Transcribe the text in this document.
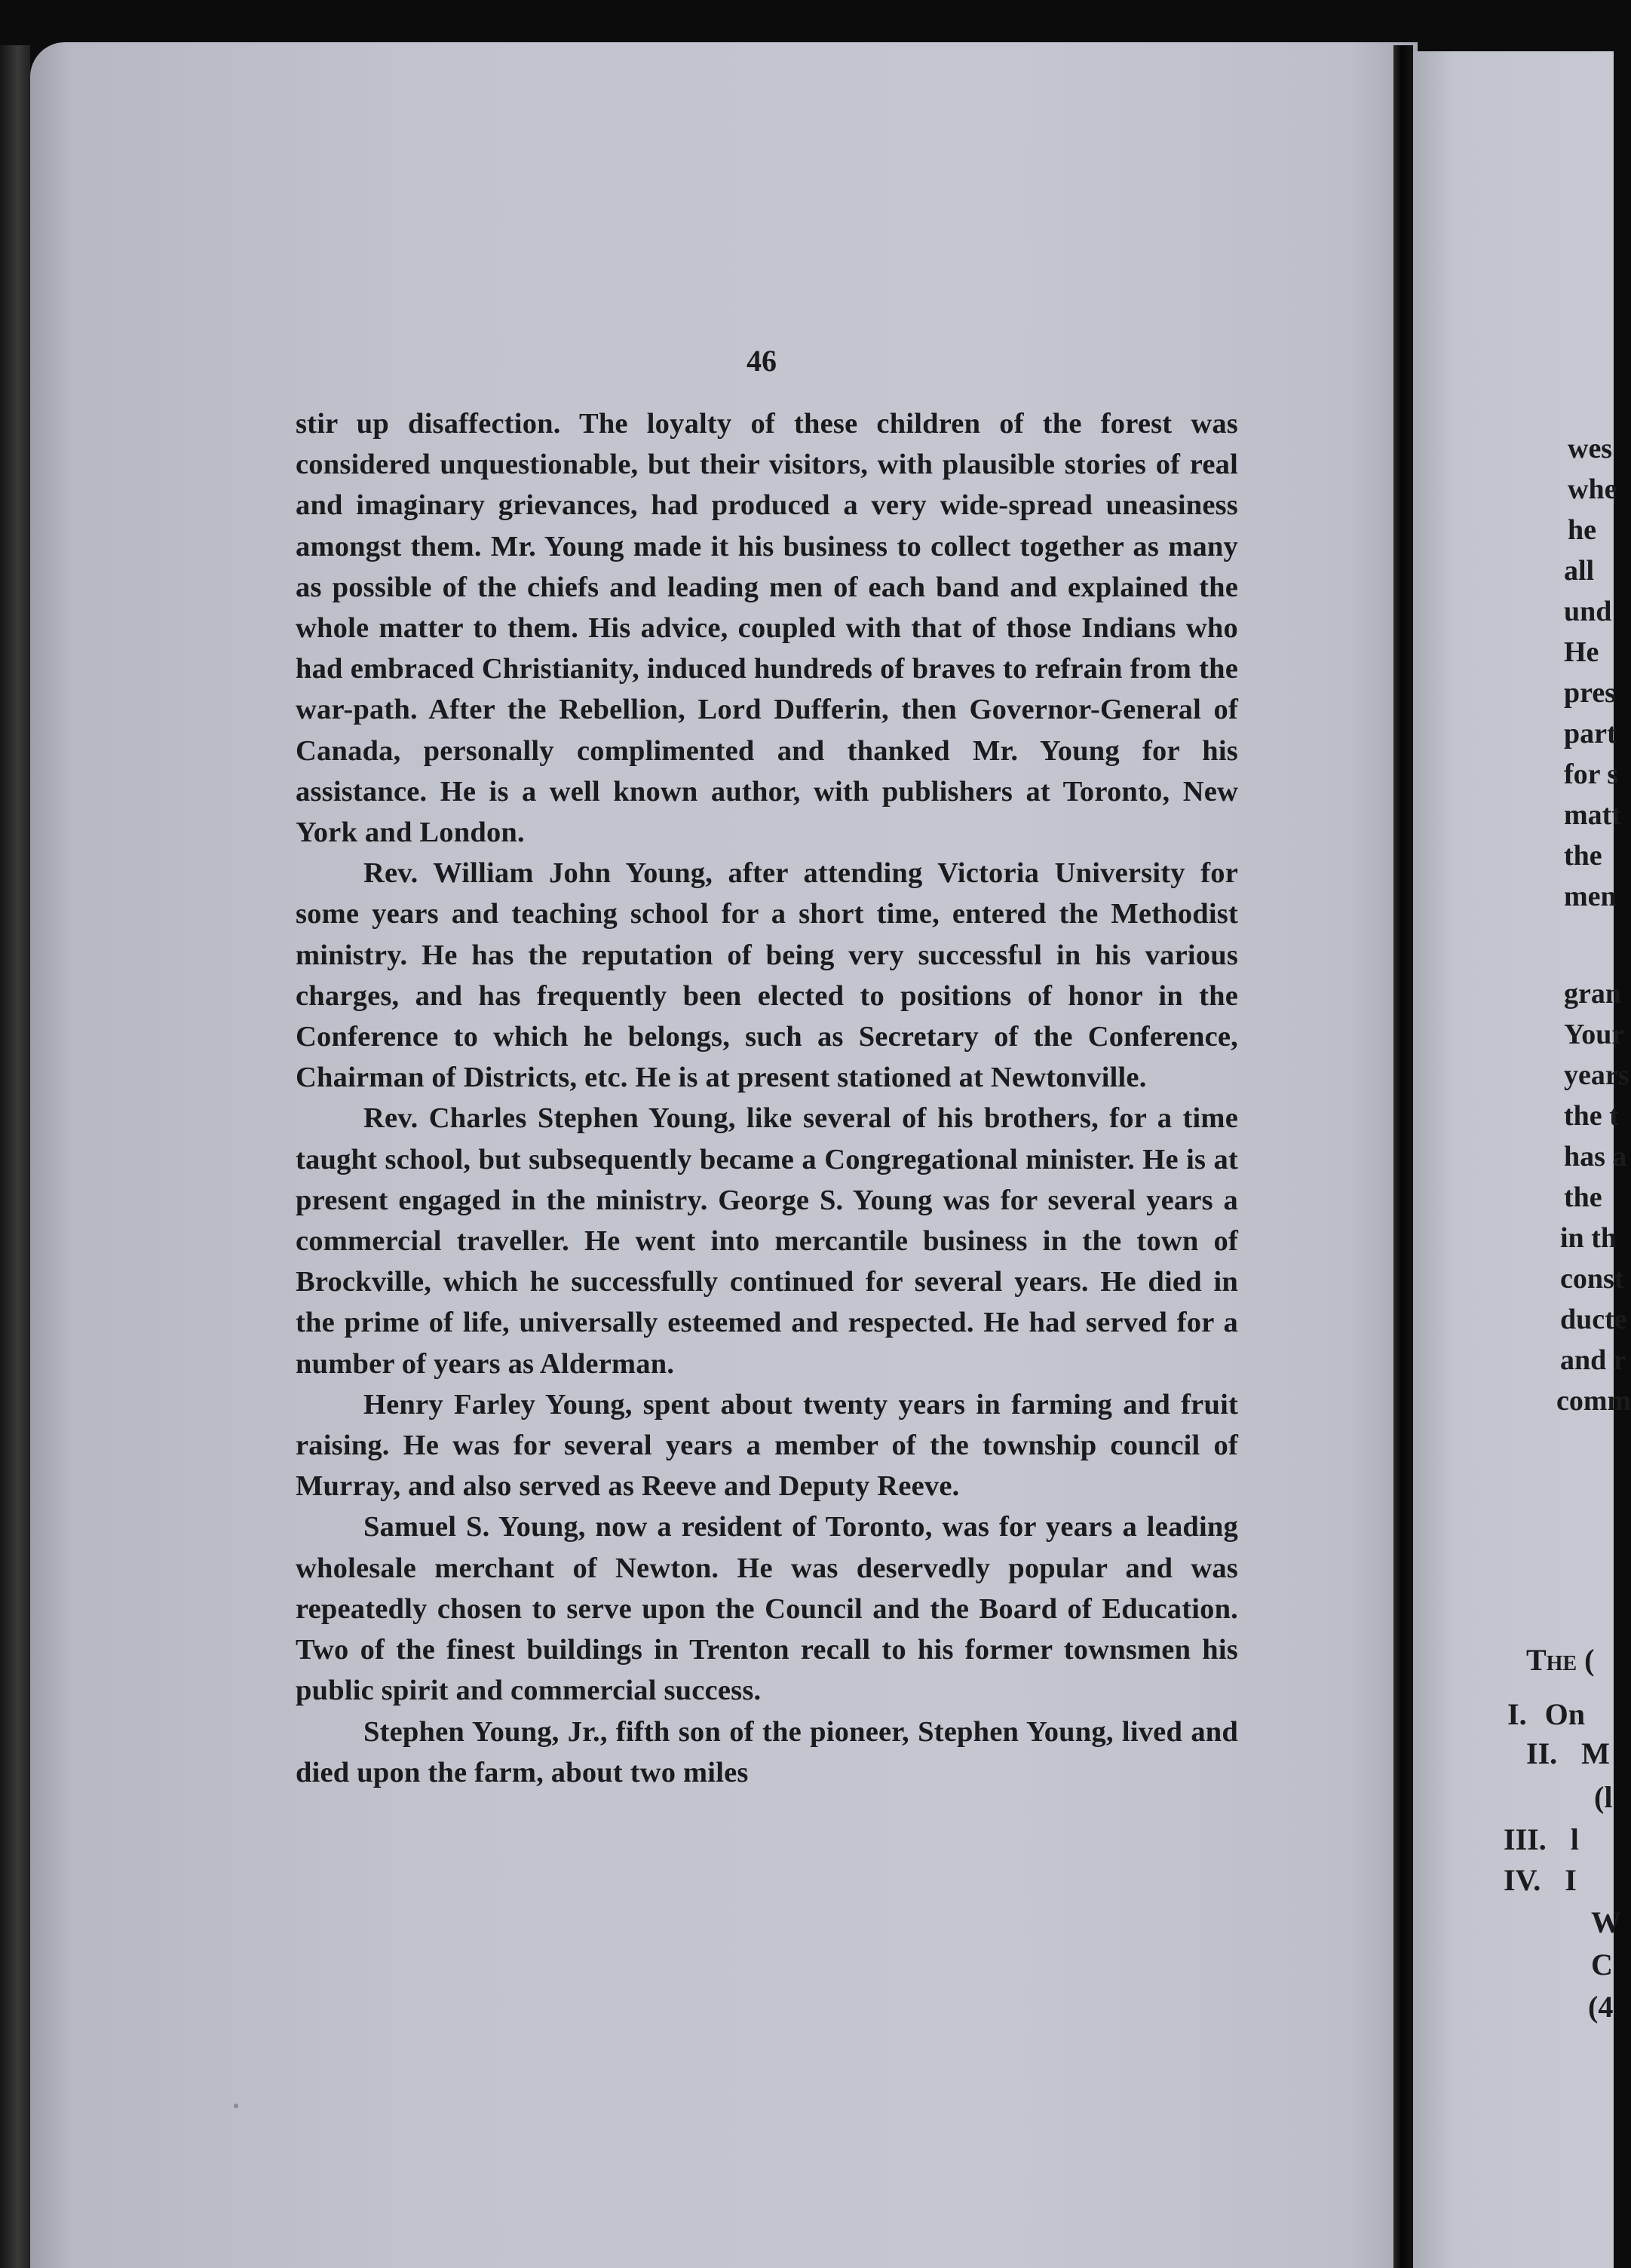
46

stir up disaffection. The loyalty of these children of the forest was considered unquestionable, but their visitors, with plausible stories of real and imaginary grievances, had produced a very wide-spread uneasiness amongst them. Mr. Young made it his business to collect together as many as possible of the chiefs and leading men of each band and explained the whole matter to them. His advice, coupled with that of those Indians who had embraced Christianity, induced hundreds of braves to refrain from the war-path. After the Rebellion, Lord Dufferin, then Governor-General of Canada, personally complimented and thanked Mr. Young for his assistance. He is a well known author, with publishers at Toronto, New York and London.

Rev. William John Young, after attending Victoria University for some years and teaching school for a short time, entered the Methodist ministry. He has the reputation of being very successful in his various charges, and has frequently been elected to positions of honor in the Conference to which he belongs, such as Secretary of the Conference, Chairman of Districts, etc. He is at present stationed at Newtonville.

Rev. Charles Stephen Young, like several of his brothers, for a time taught school, but subsequently became a Congregational minister. He is at present engaged in the ministry. George S. Young was for several years a commercial traveller. He went into mercantile business in the town of Brockville, which he successfully continued for several years. He died in the prime of life, universally esteemed and respected. He had served for a number of years as Alderman.

Henry Farley Young, spent about twenty years in farming and fruit raising. He was for several years a member of the township council of Murray, and also served as Reeve and Deputy Reeve.

Samuel S. Young, now a resident of Toronto, was for years a leading wholesale merchant of Newton. He was deservedly popular and was repeatedly chosen to serve upon the Council and the Board of Education. Two of the finest buildings in Trenton recall to his former townsmen his public spirit and commercial success.

Stephen Young, Jr., fifth son of the pioneer, Stephen Young, lived and died upon the farm, about two miles

wes
whe
he
all
und
He
pres
part
for s
matt
the
men
gran
Your
years
the t
has a
the
in th
const
ducte
and r
comm
The (
I. On
II. M
(l
III. l
IV. I
W
C
(4
